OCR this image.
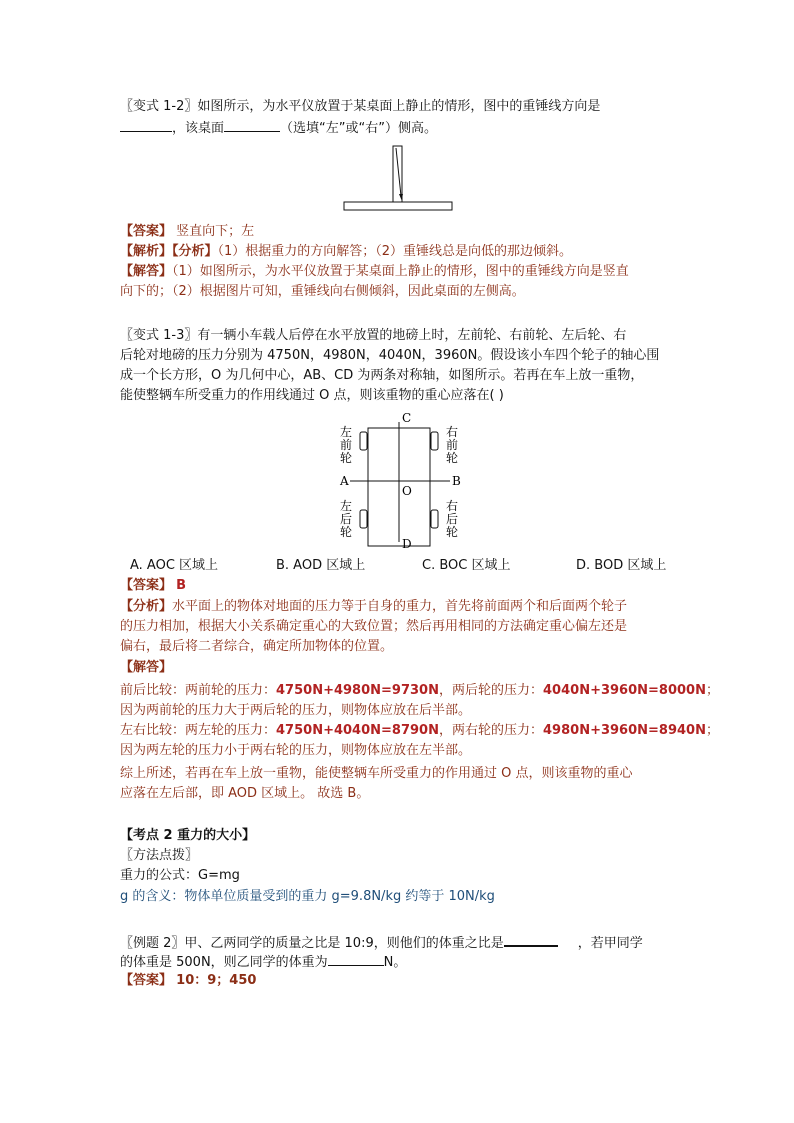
〖变式 1-2〗如图所示，为水平仪放置于某桌面上静止的情形，图中的重锤线方向是
，该桌面	（选填“左”或“右”）侧高。
【答案】 竖直向下；左
【解析】【分析】（1）根据重力的方向解答；（2）重锤线总是向低的那边倾斜。
【解答】（1）如图所示，为水平仪放置于某桌面上静止的情形，图中的重锤线方向是竖直
向下的；（2）根据图片可知，重锤线向右侧倾斜，因此桌面的左侧高。
〖变式 1-3〗有一辆小车载人后停在水平放置的地磅上时，左前轮、右前轮、左后轮、右
后轮对地磅的压力分别为 4750N，4980N，4040N，3960N。假设该小车四个轮子的轴心围
成一个长方形，O 为几何中心，AB、CD 为两条对称轴，如图所示。若再在车上放一重物，
能使整辆车所受重力的作用线通过 O 点，则该重物的重心应落在( )
C
D
A	B
O
左
前
轮
右
前
轮
左
后
轮
右
后
轮
A. AOC 区域上	B. AOD 区域上	C. BOC 区域上	D. BOD 区域上
【答案】 B
【分析】水平面上的物体对地面的压力等于自身的重力，首先将前面两个和后面两个轮子
的压力相加，根据大小关系确定重心的大致位置；然后再用相同的方法确定重心偏左还是
偏右，最后将二者综合，确定所加物体的位置。
【解答】
前后比较：两前轮的压力：4750N+4980N=9730N，两后轮的压力：4040N+3960N=8000N；
因为两前轮的压力大于两后轮的压力，则物体应放在后半部。
左右比较：两左轮的压力：4750N+4040N=8790N，两右轮的压力：4980N+3960N=8940N；
因为两左轮的压力小于两右轮的压力，则物体应放在左半部。
综上所述，若再在车上放一重物，能使整辆车所受重力的作用通过 O 点，则该重物的重心
应落在左后部，即 AOD 区域上。 故选 B。
【考点 2 重力的大小】
〖方法点拨〗
重力的公式：G=mg
g 的含义：物体单位质量受到的重力 g=9.8N/kg 约等于 10N/kg
〖例题 2〗甲、乙两同学的质量之比是 10:9，则他们的体重之比是	，若甲同学
的体重是 500N，则乙同学的体重为	N。
【答案】 10：9；450
